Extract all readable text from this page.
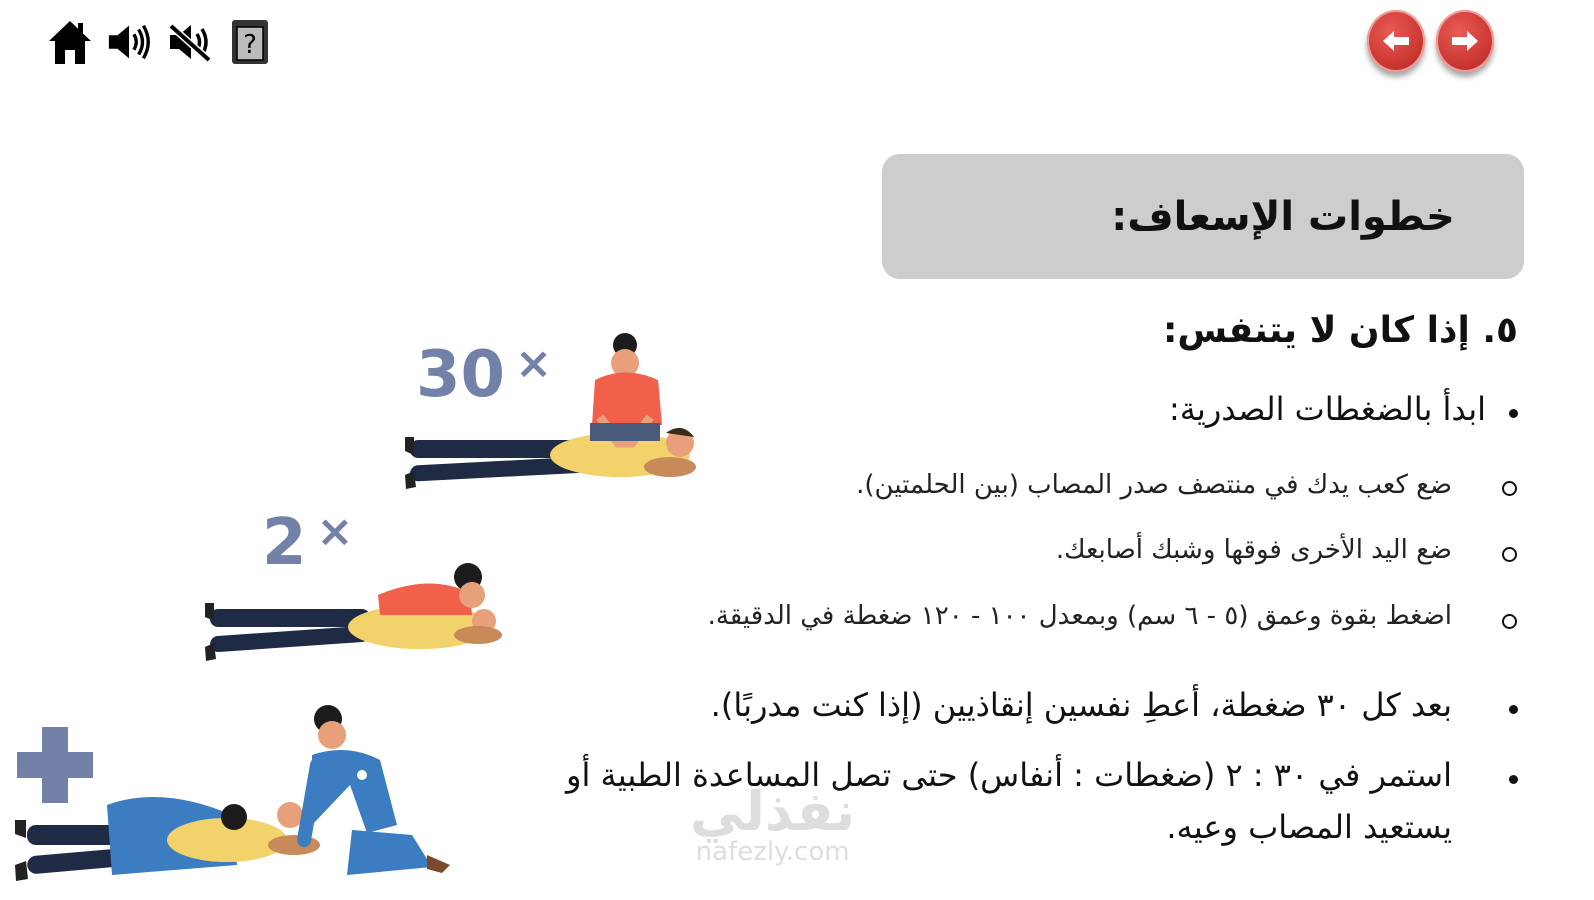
?
خطوات الإسعاف:
٥. إذا كان لا يتنفس:
ابدأ بالضغطات الصدرية:
ضع كعب يدك في منتصف صدر المصاب (بين الحلمتين).
ضع اليد الأخرى فوقها وشبك أصابعك.
اضغط بقوة وعمق (٥ - ٦ سم) وبمعدل ١٠٠ - ١٢٠ ضغطة في الدقيقة.
بعد كل ٣٠ ضغطة، أعطِ نفسين إنقاذيين (إذا كنت مدربًا).
استمر في ٣٠ : ٢ (ضغطات : أنفاس) حتى تصل المساعدة الطبية أو
يستعيد المصاب وعيه.
30 ×
2 ×
نفذلي
nafezly.com
